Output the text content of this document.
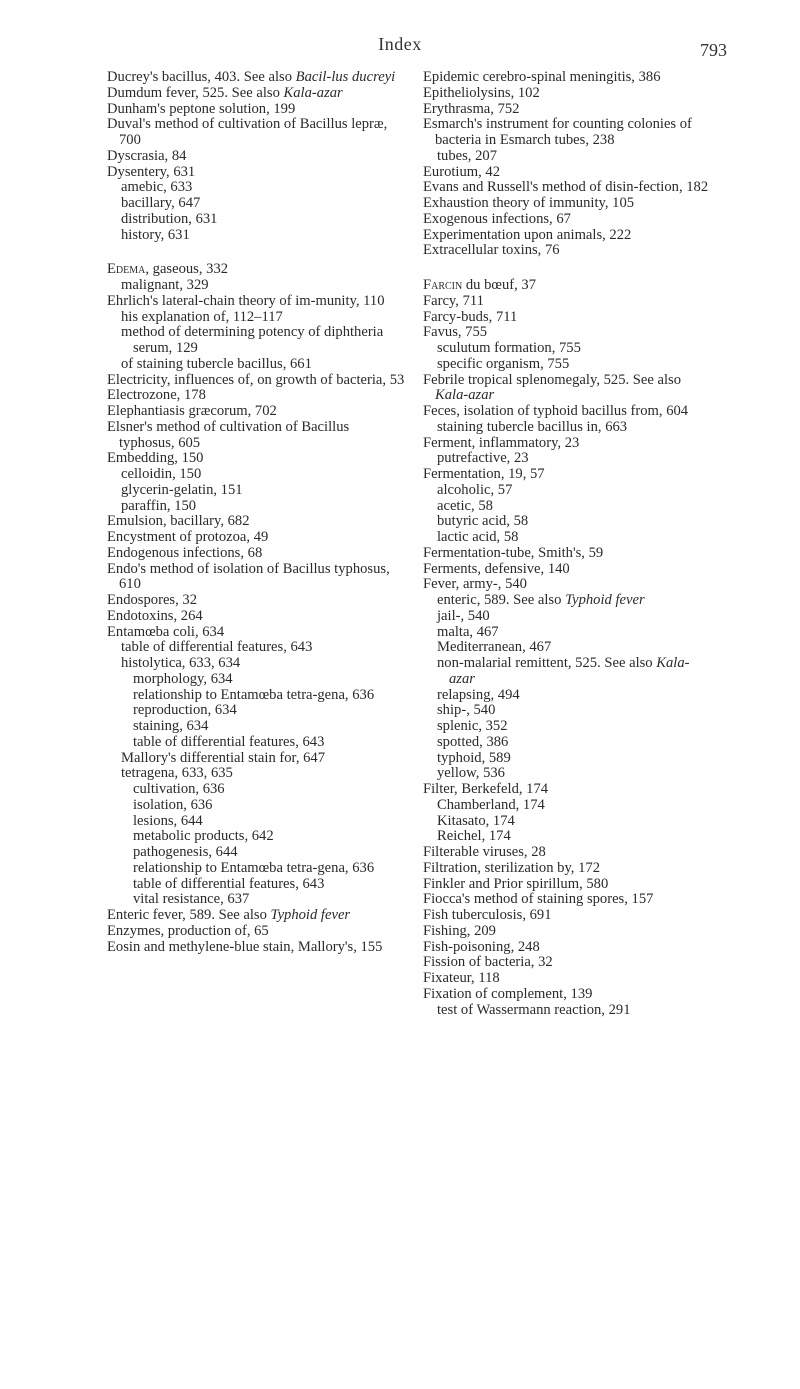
Index	793

Ducrey's bacillus, 403. See also Bacil-lus ducreyi

Dumdum fever, 525. See also Kala-azar

Dunham's peptone solution, 199

Duval's method of cultivation of Bacillus lepræ, 700

Dyscrasia, 84

Dysentery, 631

amebic, 633

bacillary, 647

distribution, 631

history, 631

Edema, gaseous, 332

malignant, 329

Ehrlich's lateral-chain theory of im-munity, 110

his explanation of, 112–117

method of determining potency of diphtheria serum, 129

of staining tubercle bacillus, 661

Electricity, influences of, on growth of bacteria, 53

Electrozone, 178

Elephantiasis græcorum, 702

Elsner's method of cultivation of Bacillus typhosus, 605

Embedding, 150

celloidin, 150

glycerin-gelatin, 151

paraffin, 150

Emulsion, bacillary, 682

Encystment of protozoa, 49

Endogenous infections, 68

Endo's method of isolation of Bacillus typhosus, 610

Endospores, 32

Endotoxins, 264

Entamœba coli, 634

table of differential features, 643

histolytica, 633, 634

morphology, 634

relationship to Entamœba tetra-gena, 636

reproduction, 634

staining, 634

table of differential features, 643

Mallory's differential stain for, 647

tetragena, 633, 635

cultivation, 636

isolation, 636

lesions, 644

metabolic products, 642

pathogenesis, 644

relationship to Entamœba tetra-gena, 636

table of differential features, 643

vital resistance, 637

Enteric fever, 589. See also Typhoid fever

Enzymes, production of, 65

Eosin and methylene-blue stain, Mallory's, 155

Epidemic cerebro-spinal meningitis, 386

Epitheliolysins, 102

Erythrasma, 752

Esmarch's instrument for counting colonies of bacteria in Esmarch tubes, 238

tubes, 207

Eurotium, 42

Evans and Russell's method of disin-fection, 182

Exhaustion theory of immunity, 105

Exogenous infections, 67

Experimentation upon animals, 222

Extracellular toxins, 76

Farcin du bœuf, 37

Farcy, 711

Farcy-buds, 711

Favus, 755

sculutum formation, 755

specific organism, 755

Febrile tropical splenomegaly, 525. See also Kala-azar

Feces, isolation of typhoid bacillus from, 604

staining tubercle bacillus in, 663

Ferment, inflammatory, 23

putrefactive, 23

Fermentation, 19, 57

alcoholic, 57

acetic, 58

butyric acid, 58

lactic acid, 58

Fermentation-tube, Smith's, 59

Ferments, defensive, 140

Fever, army-, 540

enteric, 589. See also Typhoid fever

jail-, 540

malta, 467

Mediterranean, 467

non-malarial remittent, 525. See also Kala-azar

relapsing, 494

ship-, 540

splenic, 352

spotted, 386

typhoid, 589

yellow, 536

Filter, Berkefeld, 174

Chamberland, 174

Kitasato, 174

Reichel, 174

Filterable viruses, 28

Filtration, sterilization by, 172

Finkler and Prior spirillum, 580

Fiocca's method of staining spores, 157

Fish tuberculosis, 691

Fishing, 209

Fish-poisoning, 248

Fission of bacteria, 32

Fixateur, 118

Fixation of complement, 139

test of Wassermann reaction, 291
